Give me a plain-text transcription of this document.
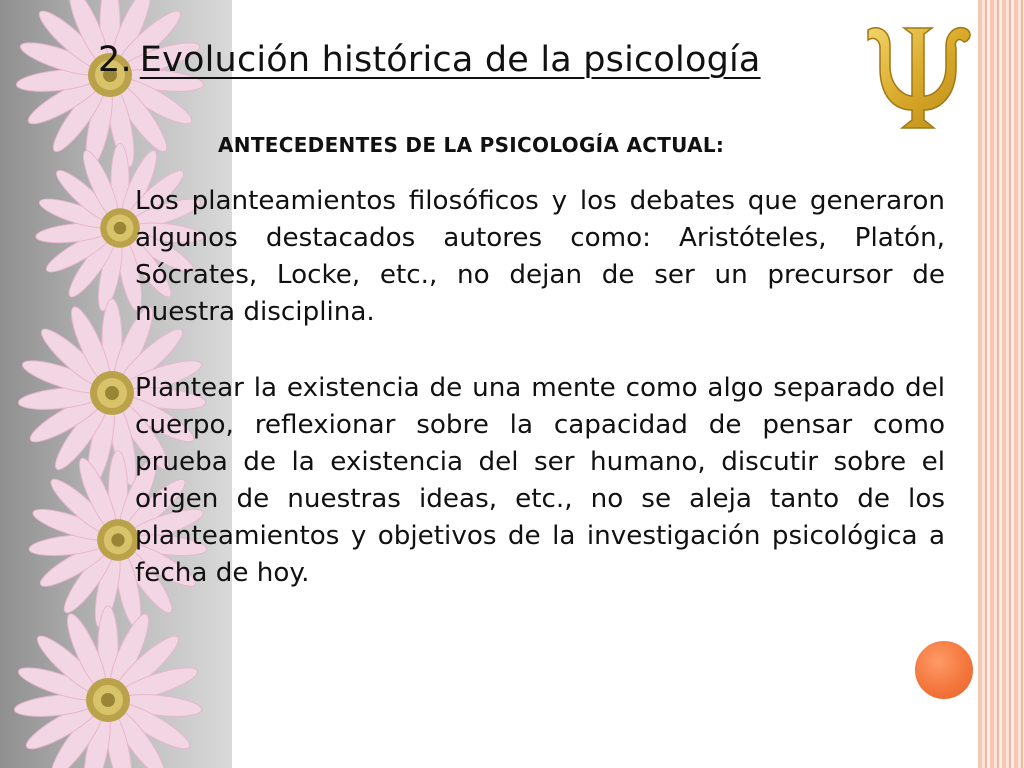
2. Evolución histórica de la psicología
ANTECEDENTES DE LA PSICOLOGÍA ACTUAL:

Los planteamientos filosóficos y los debates que generaron algunos destacados autores como: Aristóteles, Platón, Sócrates, Locke, etc., no dejan de ser un precursor de nuestra disciplina.

Plantear la existencia de una mente como algo separado del cuerpo, reflexionar sobre la capacidad de pensar como prueba de la existencia del ser humano, discutir sobre el origen de nuestras ideas, etc., no se aleja tanto de los planteamientos y objetivos de la investigación psicológica a fecha de hoy.
